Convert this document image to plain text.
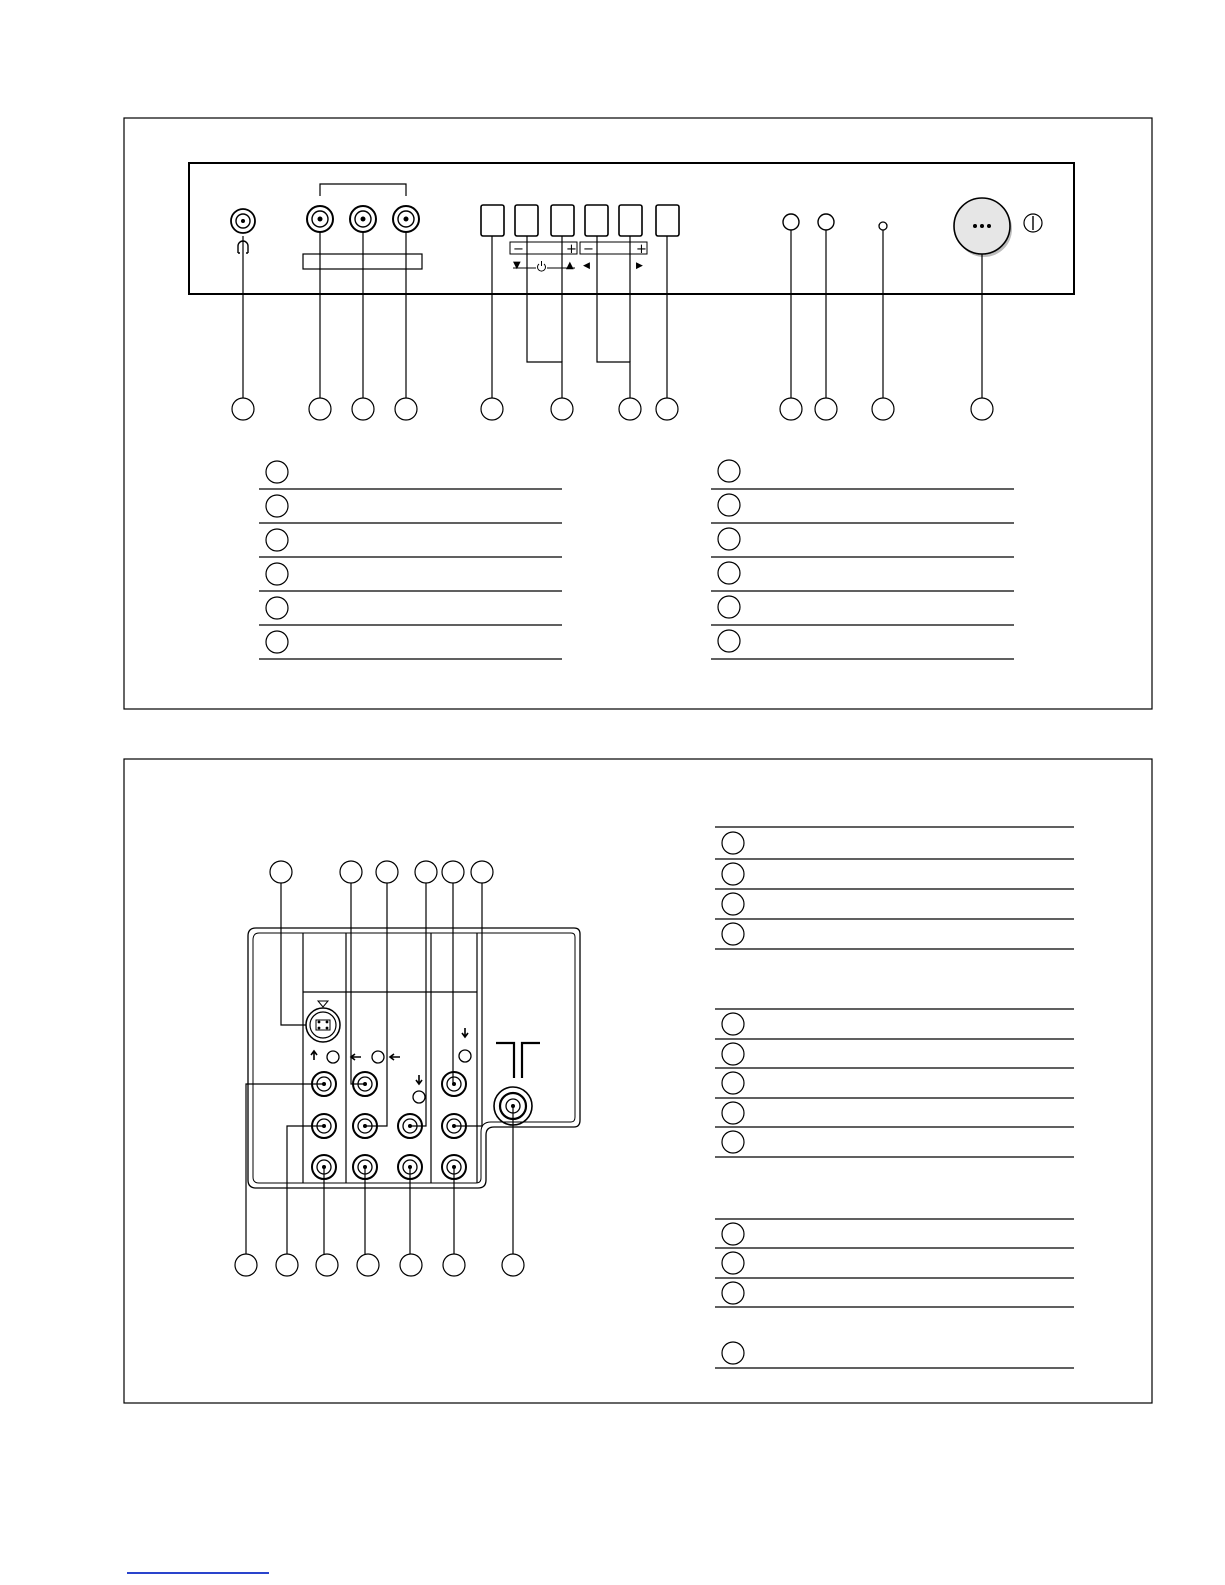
−	+ −	+
▼	▲ ◀	▶
